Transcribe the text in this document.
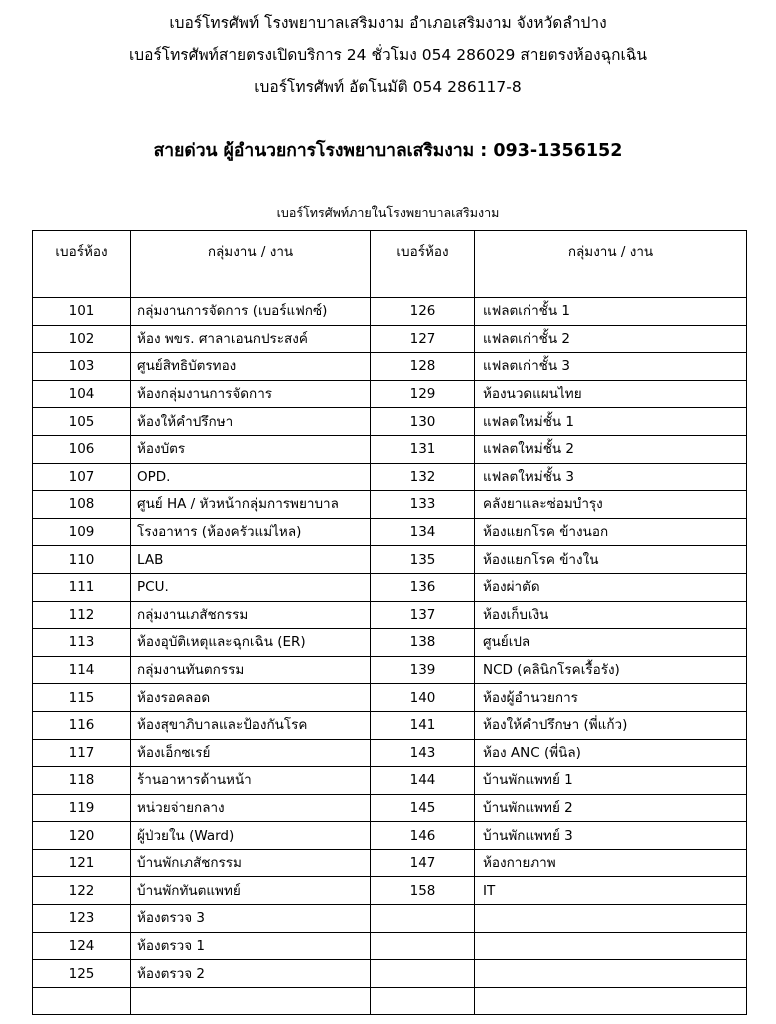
เบอร์โทรศัพท์ โรงพยาบาลเสริมงาม อำเภอเสริมงาม จังหวัดลำปาง
เบอร์โทรศัพท์สายตรงเปิดบริการ 24 ชั่วโมง 054 286029 สายตรงห้องฉุกเฉิน
เบอร์โทรศัพท์ อัตโนมัติ 054 286117-8
สายด่วน ผู้อำนวยการโรงพยาบาลเสริมงาม : 093-1356152
เบอร์โทรศัพท์ภายในโรงพยาบาลเสริมงาม
เบอร์ห้อง	กลุ่มงาน / งาน	เบอร์ห้อง	กลุ่มงาน / งาน
101	กลุ่มงานการจัดการ (เบอร์แฟกซ์)	126	แฟลตเก่าชั้น 1
102	ห้อง พขร. ศาลาเอนกประสงค์	127	แฟลตเก่าชั้น 2
103	ศูนย์สิทธิบัตรทอง	128	แฟลตเก่าชั้น 3
104	ห้องกลุ่มงานการจัดการ	129	ห้องนวดแผนไทย
105	ห้องให้คำปรึกษา	130	แฟลตใหม่ชั้น 1
106	ห้องบัตร	131	แฟลตใหม่ชั้น 2
107	OPD.	132	แฟลตใหม่ชั้น 3
108	ศูนย์ HA / หัวหน้ากลุ่มการพยาบาล	133	คลังยาและซ่อมบำรุง
109	โรงอาหาร (ห้องครัวแม่ไหล)	134	ห้องแยกโรค ข้างนอก
110	LAB	135	ห้องแยกโรค ข้างใน
111	PCU.	136	ห้องผ่าตัด
112	กลุ่มงานเภสัชกรรม	137	ห้องเก็บเงิน
113	ห้องอุบัติเหตุและฉุกเฉิน (ER)	138	ศูนย์เปล
114	กลุ่มงานทันตกรรม	139	NCD (คลินิกโรคเรื้อรัง)
115	ห้องรอคลอด	140	ห้องผู้อำนวยการ
116	ห้องสุขาภิบาลและป้องกันโรค	141	ห้องให้คำปรึกษา (พี่แก้ว)
117	ห้องเอ็กซเรย์	143	ห้อง ANC (พี่นิล)
118	ร้านอาหารด้านหน้า	144	บ้านพักแพทย์ 1
119	หน่วยจ่ายกลาง	145	บ้านพักแพทย์ 2
120	ผู้ป่วยใน (Ward)	146	บ้านพักแพทย์ 3
121	บ้านพักเภสัชกรรม	147	ห้องกายภาพ
122	บ้านพักทันตแพทย์	158	IT
123	ห้องตรวจ 3		
124	ห้องตรวจ 1		
125	ห้องตรวจ 2		
